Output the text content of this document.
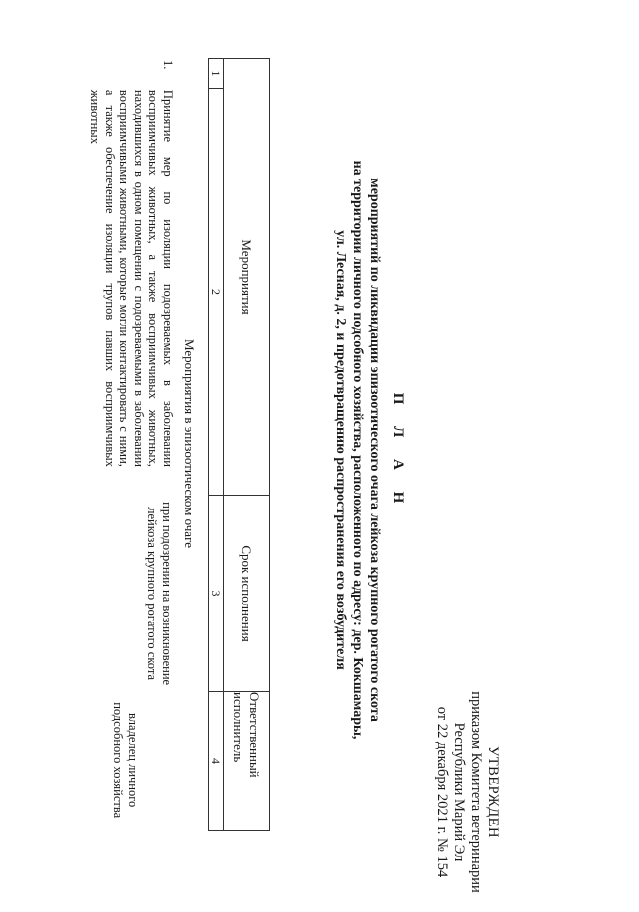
УТВЕРЖДЕН
приказом Комитета ветеринарии
Республики Марий Эл
от 22 декабря 2021 г. № 154
П Л А Н
мероприятий по ликвидации эпизоотического очага лейкоза крупного рогатого скота
на территории личного подсобного хозяйства, расположенного по адресу: дер. Кокшамары,
ул. Лесная, д. 2, и предотвращению распространения его возбудителя
Мероприятия
Срок исполнения
Ответственный исполнитель
1
2
3
4
Мероприятия в эпизоотическом очаге
1.
Принятие мер по изоляции подозреваемых в заболевании восприимчивых животных, а также восприимчивых животных, находившихся в одном помещении с подозреваемыми в заболевании восприимчивыми животными, которые могли контактировать с ними, а также обеспечение изоляции трупов павших восприимчивых животных
при подозрении на возникновение лейкоза крупного рогатого скота
владелец личного подсобного хозяйства
